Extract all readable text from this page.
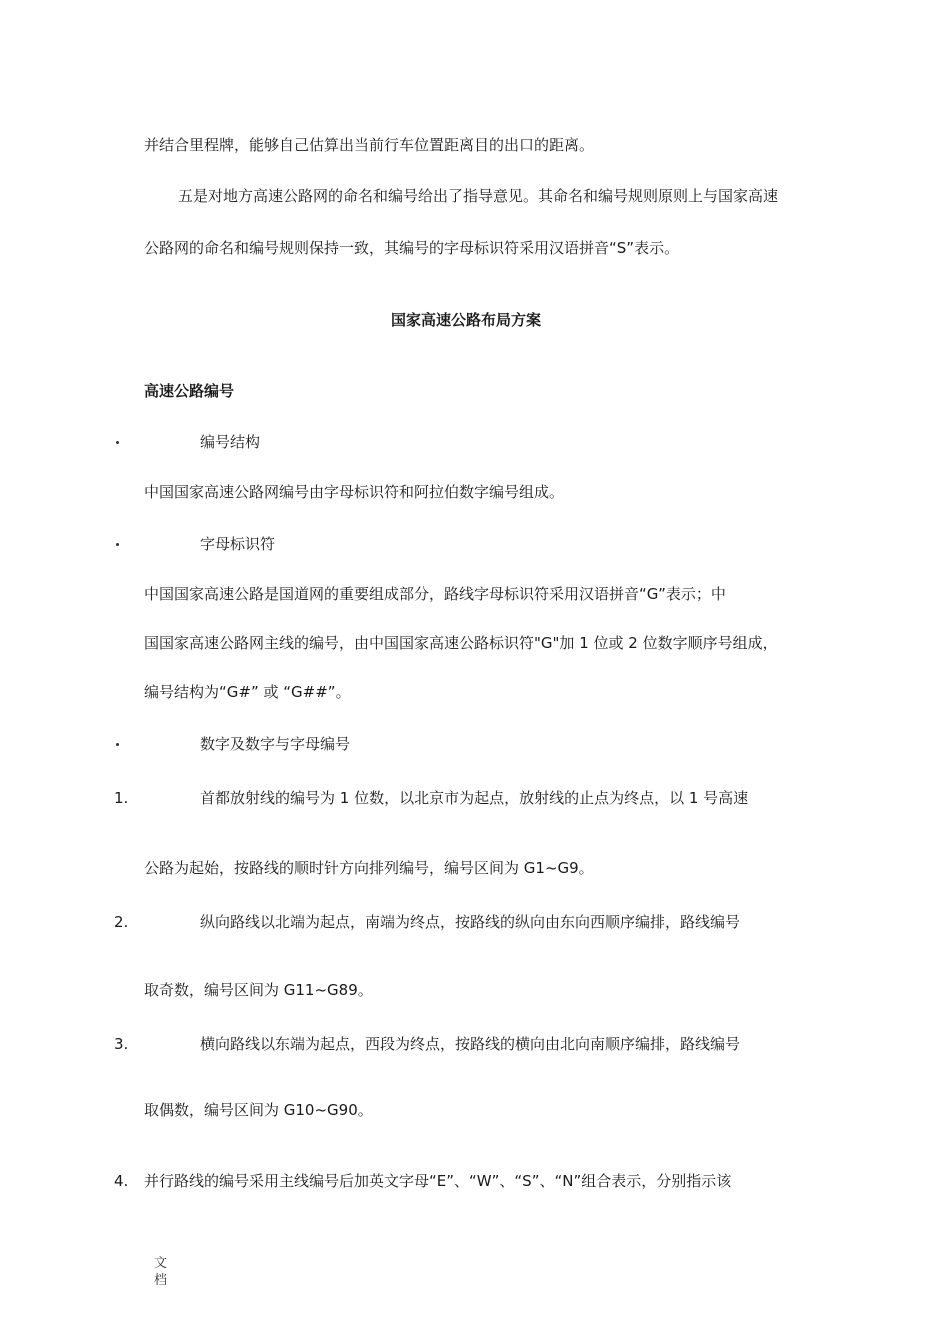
并结合里程牌，能够自己估算出当前行车位置距离目的出口的距离。
五是对地方高速公路网的命名和编号给出了指导意见。其命名和编号规则原则上与国家高速
公路网的命名和编号规则保持一致，其编号的字母标识符采用汉语拼音“S”表示。
国家高速公路布局方案
高速公路编号
编号结构
中国国家高速公路网编号由字母标识符和阿拉伯数字编号组成。
字母标识符
中国国家高速公路是国道网的重要组成部分，路线字母标识符采用汉语拼音“G”表示；中
国国家高速公路网主线的编号，由中国国家高速公路标识符"G"加 1 位或 2 位数字顺序号组成，
编号结构为“G#” 或 “G##”。
数字及数字与字母编号
1.	首都放射线的编号为 1 位数，以北京市为起点，放射线的止点为终点，以 1 号高速
公路为起始，按路线的顺时针方向排列编号，编号区间为 G1~G9。
2.	纵向路线以北端为起点，南端为终点，按路线的纵向由东向西顺序编排，路线编号
取奇数，编号区间为 G11~G89。
3.	横向路线以东端为起点，西段为终点，按路线的横向由北向南顺序编排，路线编号
取偶数，编号区间为 G10~G90。
4. 并行路线的编号采用主线编号后加英文字母“E”、“W”、“S”、“N”组合表示，分别指示该
文档
